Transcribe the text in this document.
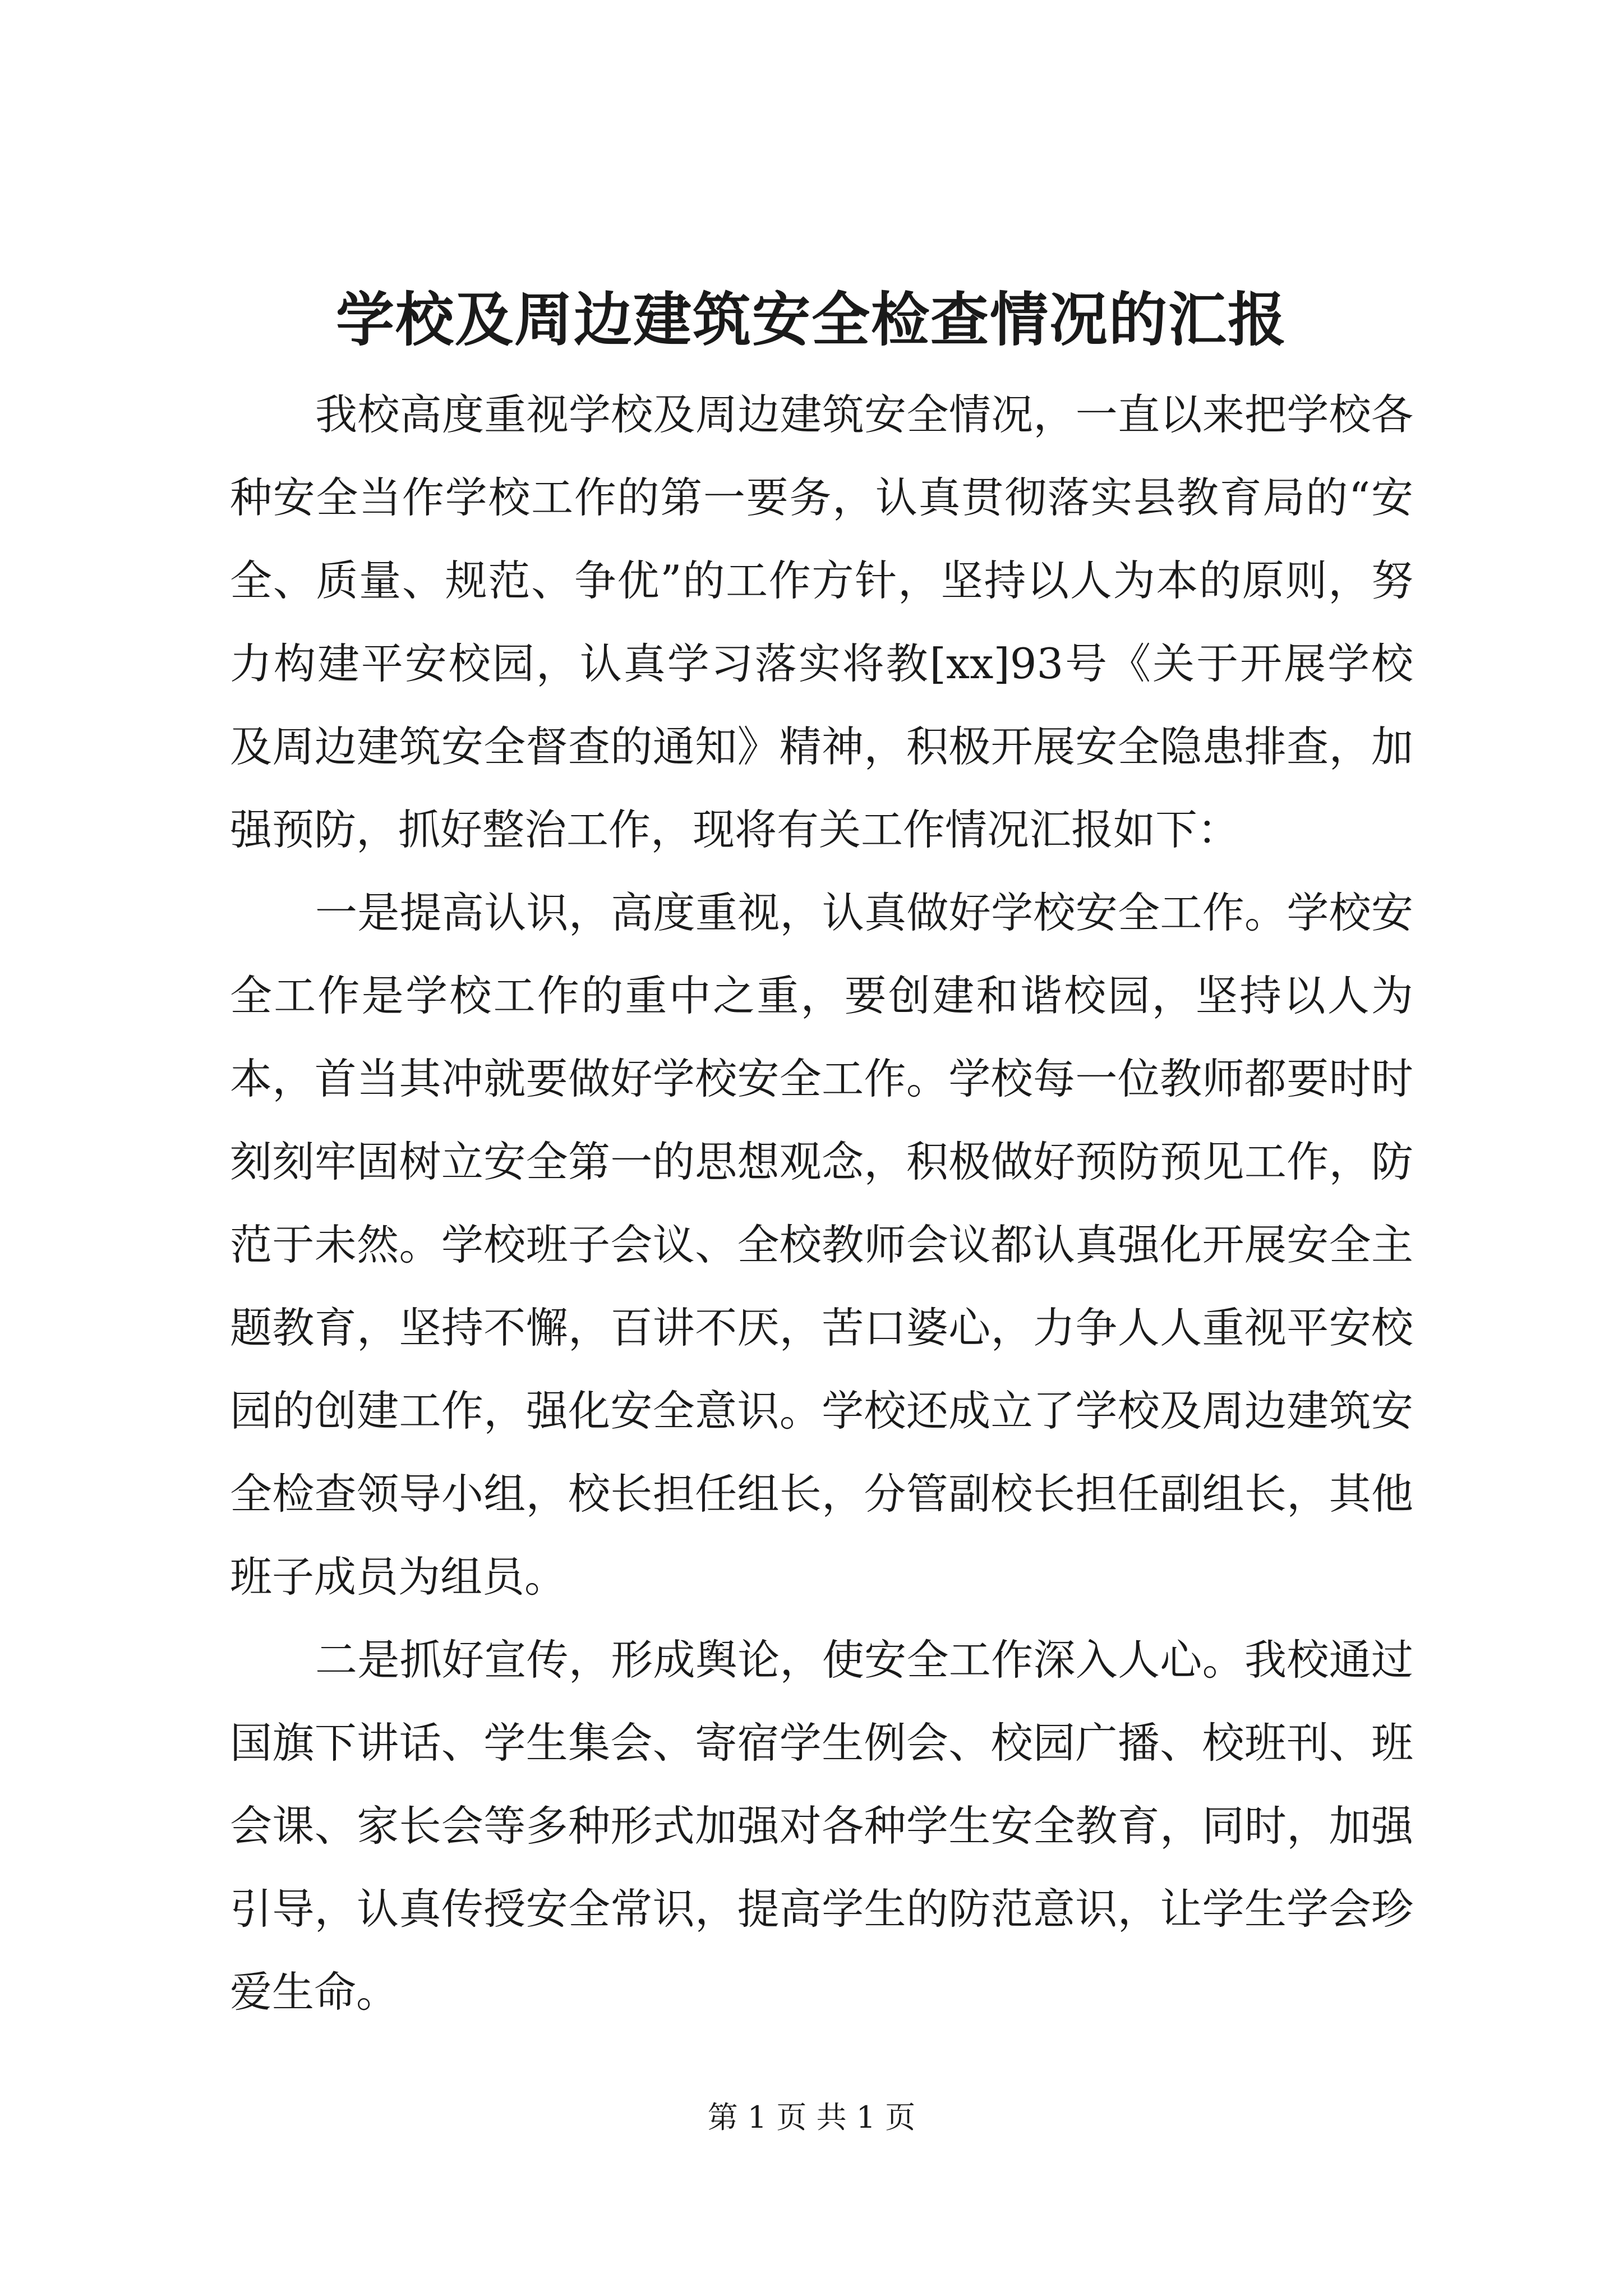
学校及周边建筑安全检查情况的汇报

我校高度重视学校及周边建筑安全情况，一直以来把学校各种安全当作学校工作的第一要务，认真贯彻落实县教育局的“安全、质量、规范、争优”的工作方针，坚持以人为本的原则，努力构建平安校园，认真学习落实将教[xx]93号《关于开展学校及周边建筑安全督查的通知》精神，积极开展安全隐患排查，加强预防，抓好整治工作，现将有关工作情况汇报如下：

一是提高认识，高度重视，认真做好学校安全工作。学校安全工作是学校工作的重中之重，要创建和谐校园，坚持以人为本，首当其冲就要做好学校安全工作。学校每一位教师都要时时刻刻牢固树立安全第一的思想观念，积极做好预防预见工作，防范于未然。学校班子会议、全校教师会议都认真强化开展安全主题教育，坚持不懈，百讲不厌，苦口婆心，力争人人重视平安校园的创建工作，强化安全意识。学校还成立了学校及周边建筑安全检查领导小组，校长担任组长，分管副校长担任副组长，其他班子成员为组员。

二是抓好宣传，形成舆论，使安全工作深入人心。我校通过国旗下讲话、学生集会、寄宿学生例会、校园广播、校班刊、班会课、家长会等多种形式加强对各种学生安全教育，同时，加强引导，认真传授安全常识，提高学生的防范意识，让学生学会珍爱生命。

第 1 页 共 1 页
